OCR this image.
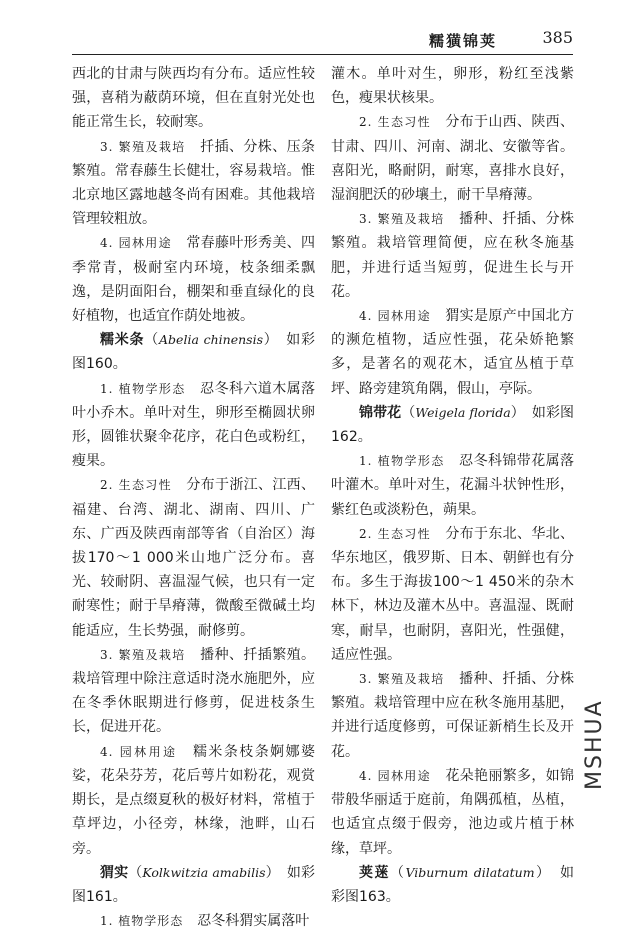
糯獚锦荚	385

西北的甘肃与陕西均有分布。适应性较强，喜稍为蔽荫环境，但在直射光处也能正常生长，较耐寒。

3. 繁殖及栽培　 扦插、分株、压条繁殖。常春藤生长健壮，容易栽培。惟北京地区露地越冬尚有困难。其他栽培管理较粗放。

4. 园林用途　 常春藤叶形秀美、四季常青，极耐室内环境，枝条细柔飘逸，是阴面阳台，棚架和垂直绿化的良好植物，也适宜作荫处地被。

糯米条（Abelia chinensis）　如彩图160。

1. 植物学形态　 忍冬科六道木属落叶小乔木。单叶对生，卵形至椭圆状卵形，圆锥状聚伞花序，花白色或粉红，瘦果。

2. 生态习性　 分布于浙江、江西、福建、台湾、湖北、湖南、四川、广东、广西及陕西南部等省（自治区）海拔170～1 000米山地广泛分布。喜光、较耐阴、喜温湿气候，也只有一定耐寒性；耐于旱瘠薄，微酸至微碱土均能适应，生长势强，耐修剪。

3. 繁殖及栽培　 播种、扦插繁殖。栽培管理中除注意适时浇水施肥外，应在冬季休眠期进行修剪，促进枝条生长，促进开花。

4. 园林用途　 糯米条枝条婀娜婆娑，花朵芬芳，花后萼片如粉花，观赏期长，是点缀夏秋的极好材料，常植于草坪边，小径旁，林缘，池畔，山石旁。

猬实（Kolkwitzia amabilis）　如彩图161。

1. 植物学形态　 忍冬科猬实属落叶

灌木。单叶对生，卵形，粉红至浅紫色，瘦果状核果。

2. 生态习性　 分布于山西、陕西、甘肃、四川、河南、湖北、安徽等省。喜阳光，略耐阴，耐寒，喜排水良好，湿润肥沃的砂壤土，耐干旱瘠薄。

3. 繁殖及栽培　 播种、扦插、分株繁殖。栽培管理简便，应在秋冬施基肥，并进行适当短剪，促进生长与开花。

4. 园林用途　 猬实是原产中国北方的濒危植物，适应性强，花朵娇艳繁多，是著名的观花木，适宜丛植于草坪、路旁建筑角隅，假山，亭际。

锦带花（Weigela florida）　如彩图162。

1. 植物学形态　 忍冬科锦带花属落叶灌木。单叶对生，花漏斗状钟性形，紫红色或淡粉色，蒴果。

2. 生态习性　 分布于东北、华北、华东地区，俄罗斯、日本、朝鲜也有分布。多生于海拔100～1 450米的杂木林下，林边及灌木丛中。喜温湿、既耐寒，耐旱，也耐阴，喜阳光，性强健，适应性强。

3. 繁殖及栽培　 播种、扦插、分株繁殖。栽培管理中应在秋冬施用基肥，并进行适度修剪，可保证新梢生长及开花。

4. 园林用途　 花朵艳丽繁多，如锦带般华丽适于庭前，角隅孤植，丛植，也适宜点缀于假旁，池边或片植于林缘，草坪。

荚蒾（Viburnum dilatatum）　如彩图163。

MSHUA
